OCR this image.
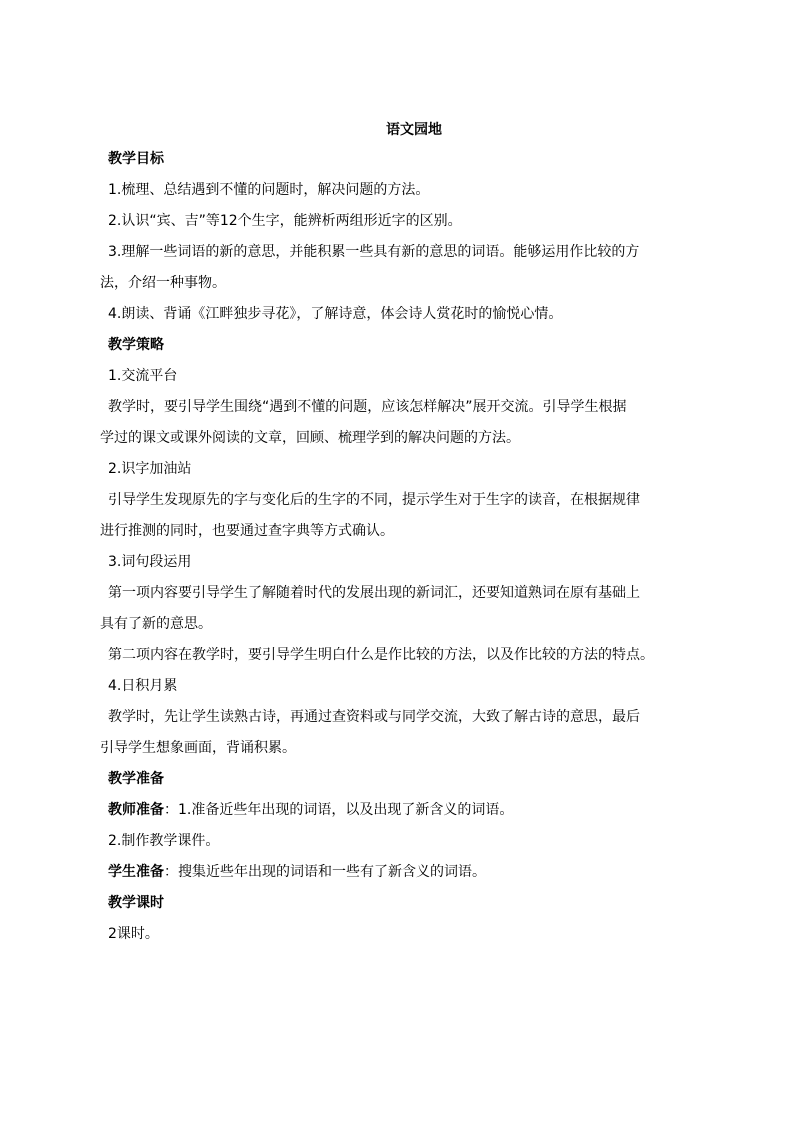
语文园地
教学目标
1.梳理、总结遇到不懂的问题时，解决问题的方法。
2.认识“宾、吉”等12个生字，能辨析两组形近字的区别。
3.理解一些词语的新的意思，并能积累一些具有新的意思的词语。能够运用作比较的方
法，介绍一种事物。
4.朗读、背诵《江畔独步寻花》，了解诗意，体会诗人赏花时的愉悦心情。
教学策略
1.交流平台
教学时，要引导学生围绕“遇到不懂的问题，应该怎样解决”展开交流。引导学生根据
学过的课文或课外阅读的文章，回顾、梳理学到的解决问题的方法。
2.识字加油站
引导学生发现原先的字与变化后的生字的不同，提示学生对于生字的读音，在根据规律
进行推测的同时，也要通过查字典等方式确认。
3.词句段运用
第一项内容要引导学生了解随着时代的发展出现的新词汇，还要知道熟词在原有基础上
具有了新的意思。
第二项内容在教学时，要引导学生明白什么是作比较的方法，以及作比较的方法的特点。
4.日积月累
教学时，先让学生读熟古诗，再通过查资料或与同学交流，大致了解古诗的意思，最后
引导学生想象画面，背诵积累。
教学准备
教师准备：1.准备近些年出现的词语，以及出现了新含义的词语。
2.制作教学课件。
学生准备：搜集近些年出现的词语和一些有了新含义的词语。
教学课时
2课时。
